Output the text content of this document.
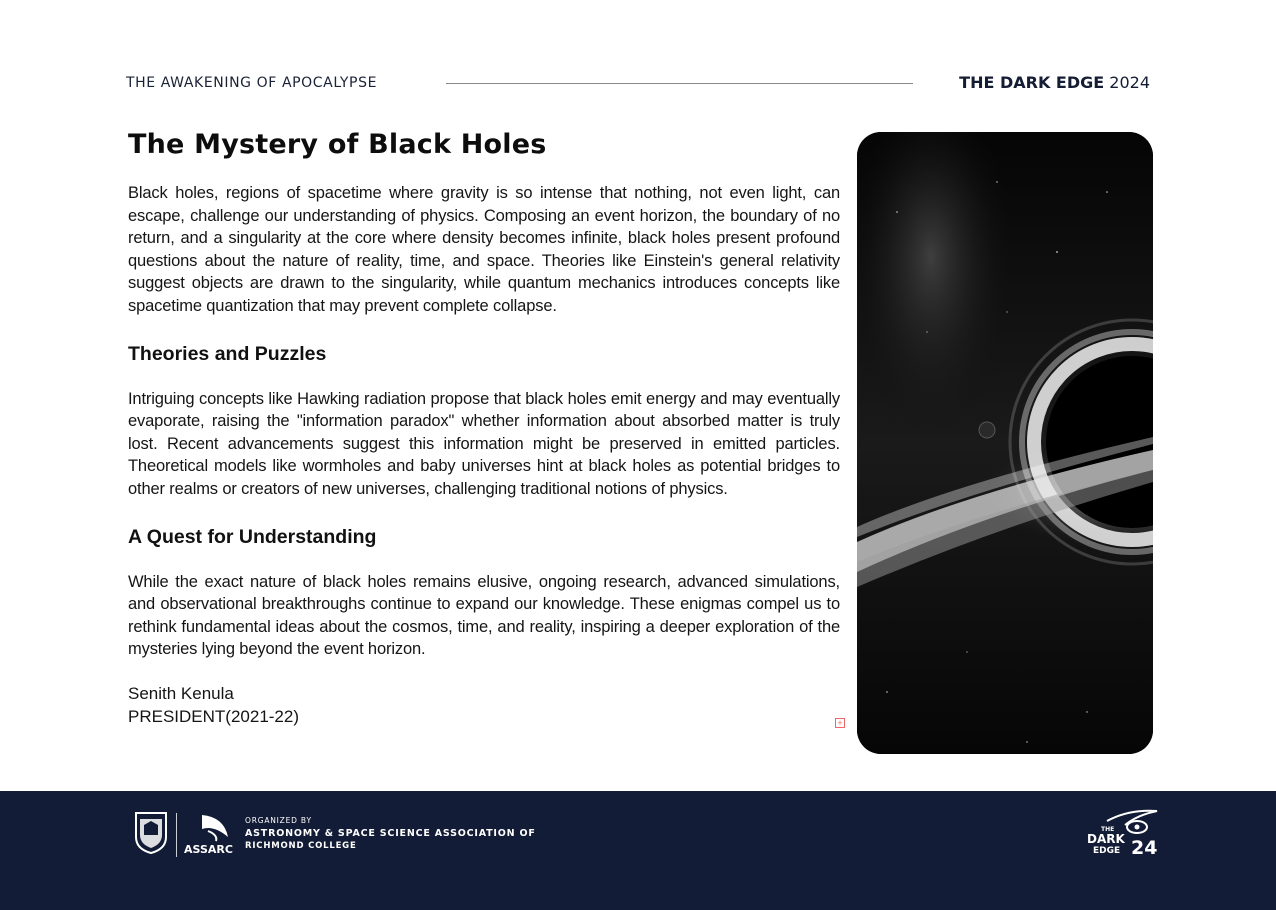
THE AWAKENING OF APOCALYPSE	THE DARK EDGE 2024
The Mystery of Black Holes

Black holes, regions of spacetime where gravity is so intense that nothing, not even light, can escape, challenge our understanding of physics. Composing an event horizon, the boundary of no return, and a singularity at the core where density becomes infinite, black holes present profound questions about the nature of reality, time, and space. Theories like Einstein's general relativity suggest objects are drawn to the singularity, while quantum mechanics introduces concepts like spacetime quantization that may prevent complete collapse.

Theories and Puzzles

Intriguing concepts like Hawking radiation propose that black holes emit energy and may eventually evaporate, raising the "information paradox" whether information about absorbed matter is truly lost. Recent advancements suggest this information might be preserved in emitted particles. Theoretical models like wormholes and baby universes hint at black holes as potential bridges to other realms or creators of new universes, challenging traditional notions of physics.

A Quest for Understanding

While the exact nature of black holes remains elusive, ongoing research, advanced simulations, and observational breakthroughs continue to expand our knowledge. These enigmas compel us to rethink fundamental ideas about the cosmos, time, and reality, inspiring a deeper exploration of the mysteries lying beyond the event horizon.

Senith Kenula
PRESIDENT(2021-22)	+
ASSARC
ORGANIZED BY
ASTRONOMY & SPACE SCIENCE ASSOCIATION OF
RICHMOND COLLEGE
THE
DARK
EDGE 24
